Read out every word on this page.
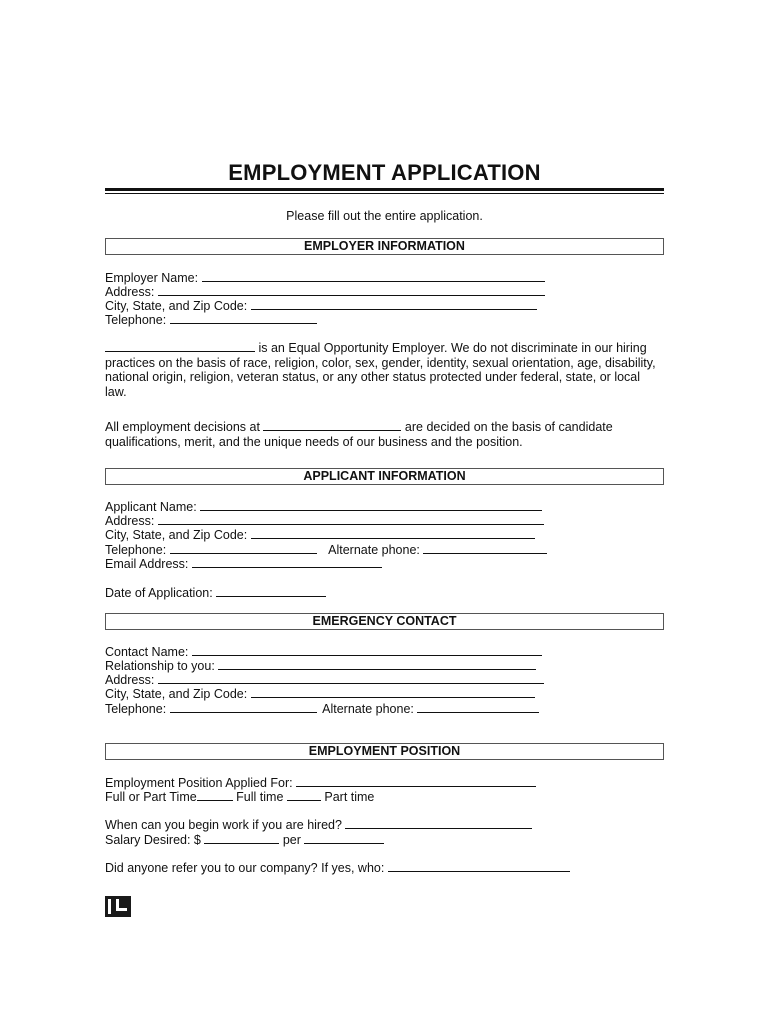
EMPLOYMENT APPLICATION
Please fill out the entire application.
EMPLOYER INFORMATION
Employer Name:
Address:
City, State, and Zip Code:
Telephone:
is an Equal Opportunity Employer. We do not discriminate in our hiring practices on the basis of race, religion, color, sex, gender, identity, sexual orientation, age, disability, national origin, religion, veteran status, or any other status protected under federal, state, or local law.
All employment decisions at	are decided on the basis of candidate qualifications, merit, and the unique needs of our business and the position.
APPLICANT INFORMATION
Applicant Name:
Address:
City, State, and Zip Code:
Telephone:	Alternate phone:
Email Address:
Date of Application:
EMERGENCY CONTACT
Contact Name:
Relationship to you:
Address:
City, State, and Zip Code:
Telephone:	Alternate phone:
EMPLOYMENT POSITION
Employment Position Applied For:
Full or Part Time	Full time	Part time
When can you begin work if you are hired?
Salary Desired: $	per
Did anyone refer you to our company? If yes, who:
